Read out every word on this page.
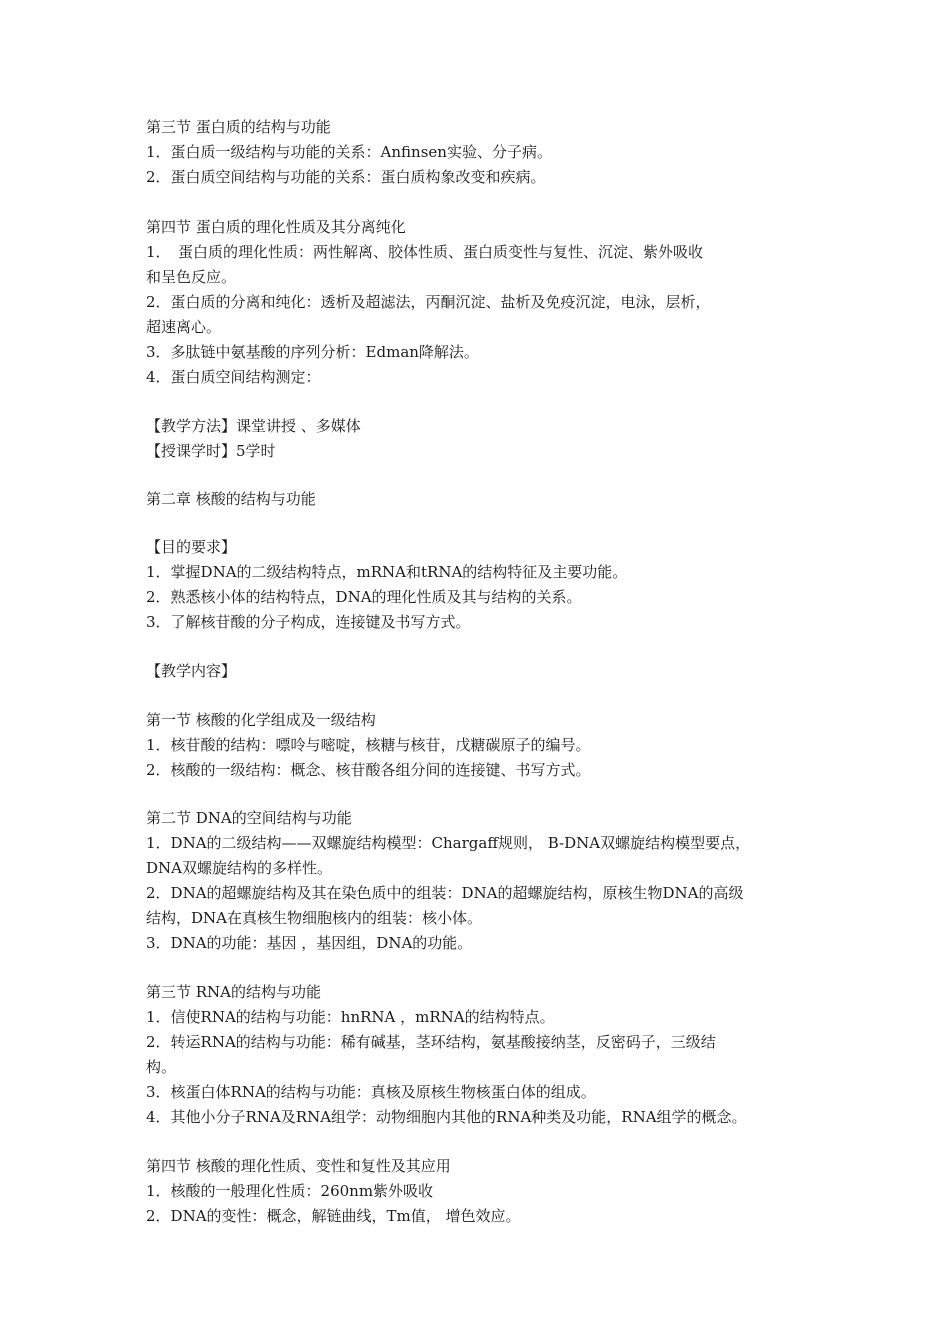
第三节 蛋白质的结构与功能
1．蛋白质一级结构与功能的关系：Anfinsen实验、分子病。
2．蛋白质空间结构与功能的关系：蛋白质构象改变和疾病。
第四节 蛋白质的理化性质及其分离纯化
1．　蛋白质的理化性质：两性解离、胶体性质、蛋白质变性与复性、沉淀、紫外吸收
和呈色反应。
2．蛋白质的分离和纯化：透析及超滤法，丙酮沉淀、盐析及免疫沉淀，电泳，层析，
超速离心。
3．多肽链中氨基酸的序列分析：Edman降解法。
4．蛋白质空间结构测定：
【教学方法】课堂讲授 、多媒体
【授课学时】5学时
第二章 核酸的结构与功能
【目的要求】
1．掌握DNA的二级结构特点，mRNA和tRNA的结构特征及主要功能。
2．熟悉核小体的结构特点，DNA的理化性质及其与结构的关系。
3．了解核苷酸的分子构成，连接键及书写方式。
【教学内容】
第一节 核酸的化学组成及一级结构
1．核苷酸的结构：嘌呤与嘧啶，核糖与核苷，戊糖碳原子的编号。
2．核酸的一级结构：概念、核苷酸各组分间的连接键、书写方式。
第二节 DNA的空间结构与功能
1．DNA的二级结构——双螺旋结构模型：Chargaff规则， B-DNA双螺旋结构模型要点，
DNA双螺旋结构的多样性。
2．DNA的超螺旋结构及其在染色质中的组装：DNA的超螺旋结构，原核生物DNA的高级
结构，DNA在真核生物细胞核内的组装：核小体。
3．DNA的功能：基因 ，基因组，DNA的功能。
第三节 RNA的结构与功能
1．信使RNA的结构与功能：hnRNA ，mRNA的结构特点。
2．转运RNA的结构与功能：稀有碱基，茎环结构，氨基酸接纳茎，反密码子，三级结
构。
3．核蛋白体RNA的结构与功能：真核及原核生物核蛋白体的组成。
4．其他小分子RNA及RNA组学：动物细胞内其他的RNA种类及功能，RNA组学的概念。
第四节 核酸的理化性质、变性和复性及其应用
1．核酸的一般理化性质：260nm紫外吸收
2．DNA的变性：概念，解链曲线，Tm值， 增色效应。
